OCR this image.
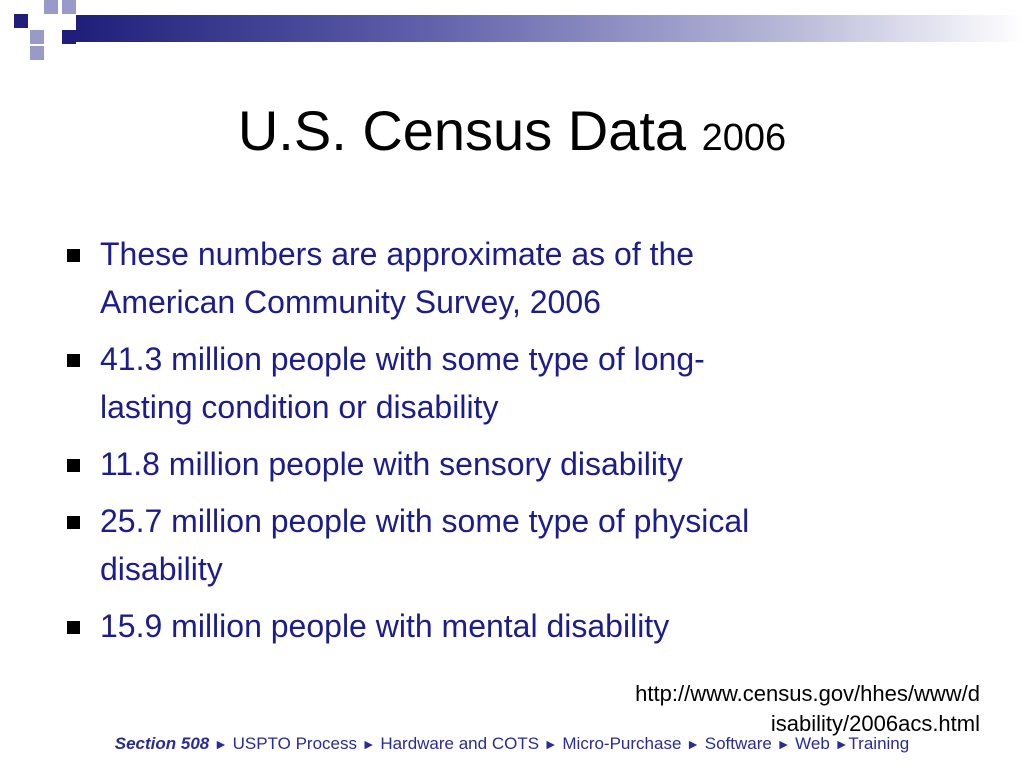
U.S. Census Data 2006
These numbers are approximate as of the
American Community Survey, 2006
41.3 million people with some type of long-
lasting condition or disability
11.8 million people with sensory disability
25.7 million people with some type of physical
disability
15.9 million people with mental disability
http://www.census.gov/hhes/www/d
isability/2006acs.html
Section 508 ► USPTO Process ► Hardware and COTS ► Micro-Purchase ► Software ► Web ►Training
